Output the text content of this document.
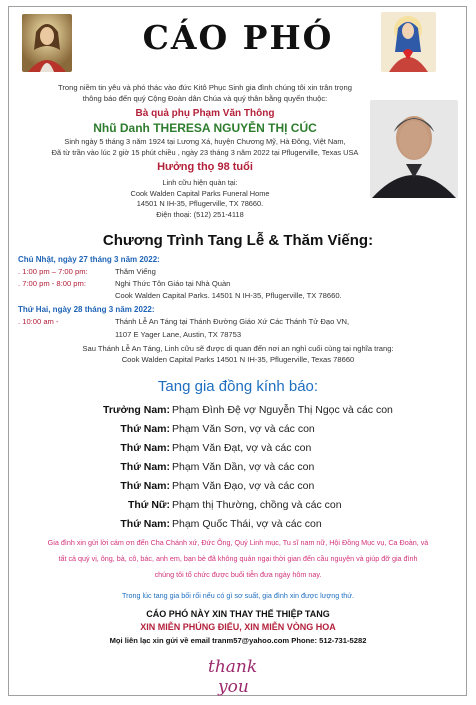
CÁO PHÓ
Trong niềm tin yêu và phó thác vào đức Kitô Phục Sinh gia đình chúng tôi xin trân trọng
thông báo đến quý Cộng Đoàn dân Chúa và quý thân bằng quyến thuộc:
Bà quả phụ Phạm Văn Thông
Nhũ Danh THERESA NGUYỄN THỊ CÚC
Sinh ngày 5 tháng 3 năm 1924 tại Lương Xá, huyện Chương Mỹ, Hà Đông, Việt Nam,
Đã từ trần vào lúc 2 giờ 15 phút chiều , ngày 23 tháng 3 năm 2022 tại Pflugerville, Texas USA
Hưởng thọ 98 tuổi
Linh cữu hiện quàn tại:
Cook Walden Capital Parks Funeral Home
14501 N IH-35, Pflugerville, TX 78660.
Điện thoại: (512) 251-4118
Chương Trình Tang Lễ & Thăm Viếng:
Chủ Nhật, ngày 27 tháng 3 năm 2022:
. 1:00 pm – 7:00 pm:	Thăm Viếng
. 7:00 pm - 8:00 pm:	Nghi Thức Tôn Giáo tại Nhà Quàn
Cook Walden Capital Parks. 14501 N IH-35, Pflugerville, TX 78660.
Thứ Hai, ngày 28 tháng 3 năm 2022:
. 10:00 am -	Thánh Lễ An Táng tại Thánh Đường Giáo Xứ Các Thánh Tử Đạo VN,
1107 E Yager Lane, Austin, TX 78753
Sau Thánh Lễ An Táng, Linh cữu sẽ được di quan đến nơi an nghỉ cuối cùng tại nghĩa trang:
Cook Walden Capital Parks 14501 N IH-35, Pflugerville, Texas 78660
Tang gia đồng kính báo:
Trưởng Nam: Phạm Đình Đệ vợ Nguyễn Thị Ngọc và các con
Thứ Nam: Phạm Văn Sơn, vợ và các con
Thứ Nam: Phạm Văn Đạt, vợ và các con
Thứ Nam: Phạm Văn Dần, vợ và các con
Thứ Nam: Phạm Văn Đạo, vợ và các con
Thứ Nữ: Phạm thị Thường, chồng và các con
Thứ Nam: Phạm Quốc Thái, vợ và các con
Gia đình xin gửi lời cám ơn đến Cha Chánh xứ, Đức Ông, Quý Linh mục, Tu sĩ nam nữ, Hội Đồng Mục vụ, Ca Đoàn, và
tất cả quý vị, ông, bà, cô, bác, anh em, bạn bè đã không quản ngại thời gian đến cầu nguyện và giúp đỡ gia đình
chúng tôi tổ chức được buổi tiễn đưa ngày hôm nay.
Trong lúc tang gia bối rối nếu có gì sơ suất, gia đình xin được lượng thứ.
CÁO PHÓ NÀY XIN THAY THẾ THIỆP TANG
XIN MIỄN PHÚNG ĐIẾU, XIN MIỄN VÒNG HOA
Mọi liên lạc xin gửi về email tranm57@yahoo.com Phone: 512-731-5282
thank
you
